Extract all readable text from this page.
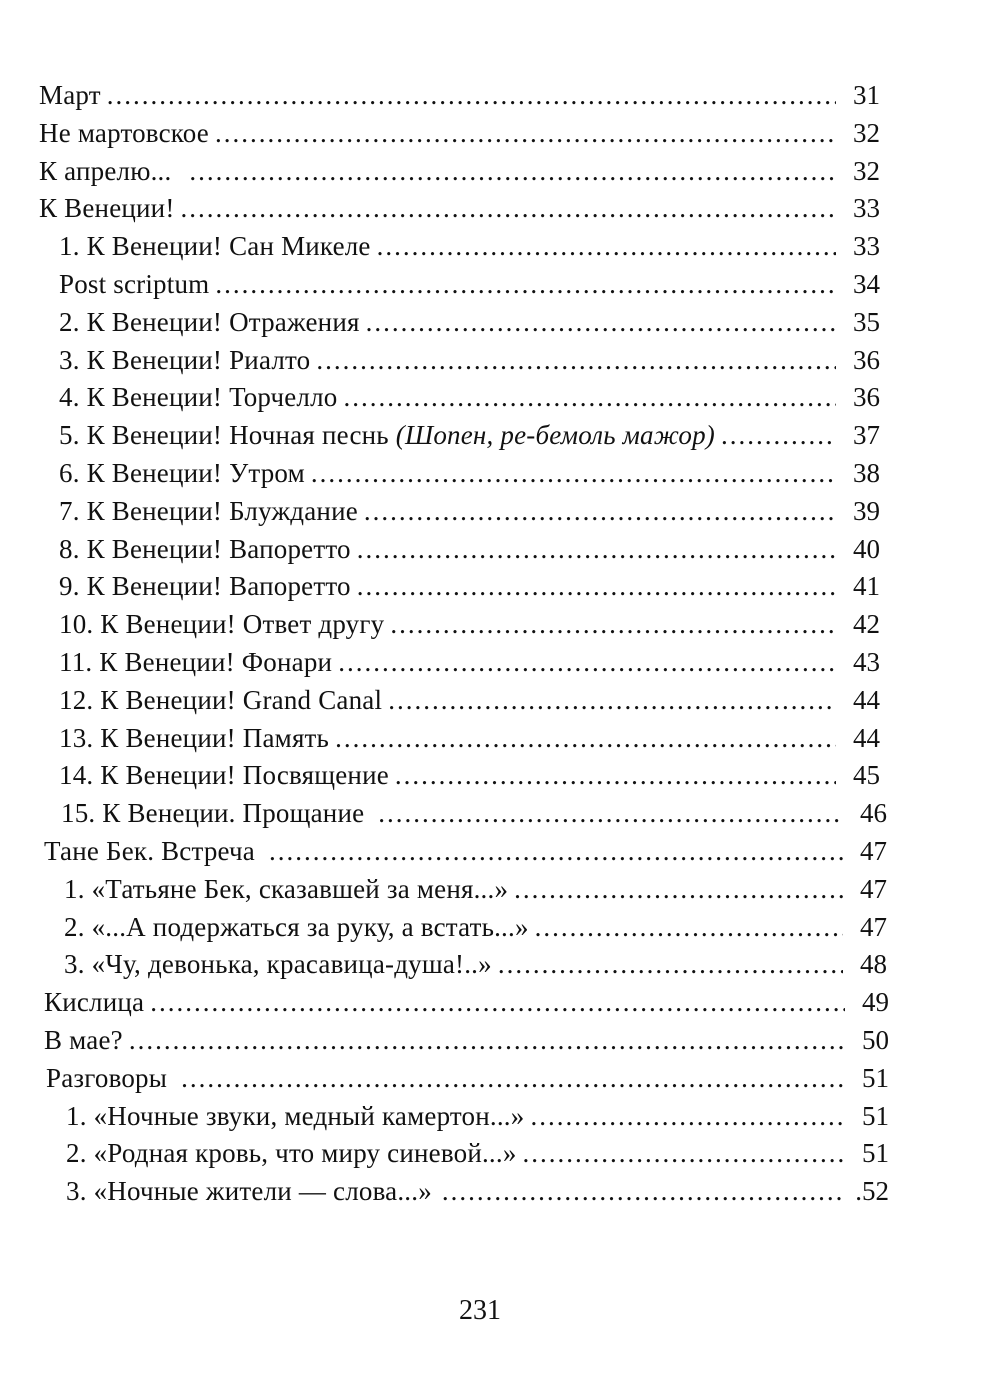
Март .....	31
Не мартовское .....	32
К апрелю... .....	32
К Венеции! .....	33
1. К Венеции! Сан Микеле .....	33
Post scriptum .....	34
2. К Венеции! Отражения .....	35
3. К Венеции! Риалто .....	36
4. К Венеции! Торчелло .....	36
5. К Венеции! Ночная песнь (Шопен, ре-бемоль мажор) .....	37
6. К Венеции! Утром .....	38
7. К Венеции! Блуждание .....	39
8. К Венеции! Вапоретто .....	40
9. К Венеции! Вапоретто .....	41
10. К Венеции! Ответ другу .....	42
11. К Венеции! Фонари .....	43
12. К Венеции! Grand Canal .....	44
13. К Венеции! Память .....	44
14. К Венеции! Посвящение .....	45
15. К Венеции. Прощание .....	46
Тане Бек. Встреча .....	47
1. «Татьяне Бек, сказавшей за меня...» .....	47
2. «...А подержаться за руку, а встать...» .....	47
3. «Чу, девонька, красавица-душа!..» .....	48
Кислица .....	49
В мае? .....	50
Разговоры .....	51
1. «Ночные звуки, медный камертон...» .....	51
2. «Родная кровь, что миру синевой...» .....	51
3. «Ночные жители — слова...» .....	.52
231
